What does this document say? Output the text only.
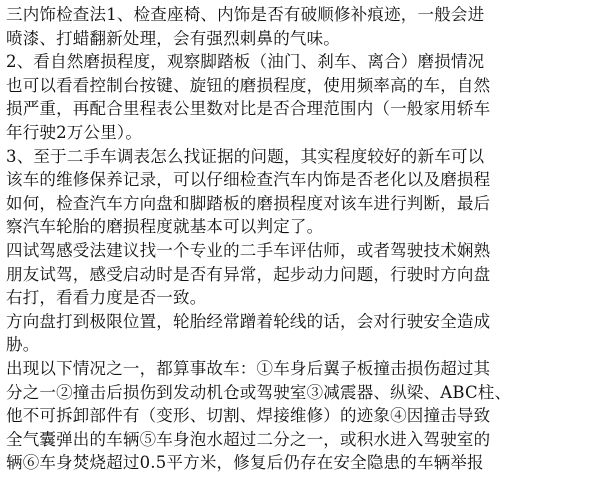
三内饰检查法1、检查座椅、内饰是否有破顺修补痕迹，一般会进
喷漆、打蜡翻新处理，会有强烈刺鼻的气味。
2、看自然磨损程度，观察脚踏板（油门、刹车、离合）磨损情况
也可以看看控制台按键、旋钮的磨损程度，使用频率高的车，自然
损严重，再配合里程表公里数对比是否合理范围内（一般家用轿车
年行驶2万公里）。
3、至于二手车调表怎么找证据的问题，其实程度较好的新车可以
该车的维修保养记录，可以仔细检查汽车内饰是否老化以及磨损程
如何，检查汽车方向盘和脚踏板的磨损程度对该车进行判断，最后
察汽车轮胎的磨损程度就基本可以判定了。
四试驾感受法建议找一个专业的二手车评估师，或者驾驶技术娴熟
朋友试驾，感受启动时是否有异常，起步动力问题，行驶时方向盘
右打，看看力度是否一致。
方向盘打到极限位置，轮胎经常蹭着轮线的话，会对行驶安全造成
胁。
出现以下情况之一，都算事故车：①车身后翼子板撞击损伤超过其
分之一②撞击后损伤到发动机仓或驾驶室③减震器、纵梁、ABC柱、
他不可拆卸部件有（变形、切割、焊接维修）的迹象④因撞击导致
全气囊弹出的车辆⑤车身泡水超过二分之一，或积水进入驾驶室的
辆⑥车身焚烧超过0.5平方米，修复后仍存在安全隐患的车辆举报
